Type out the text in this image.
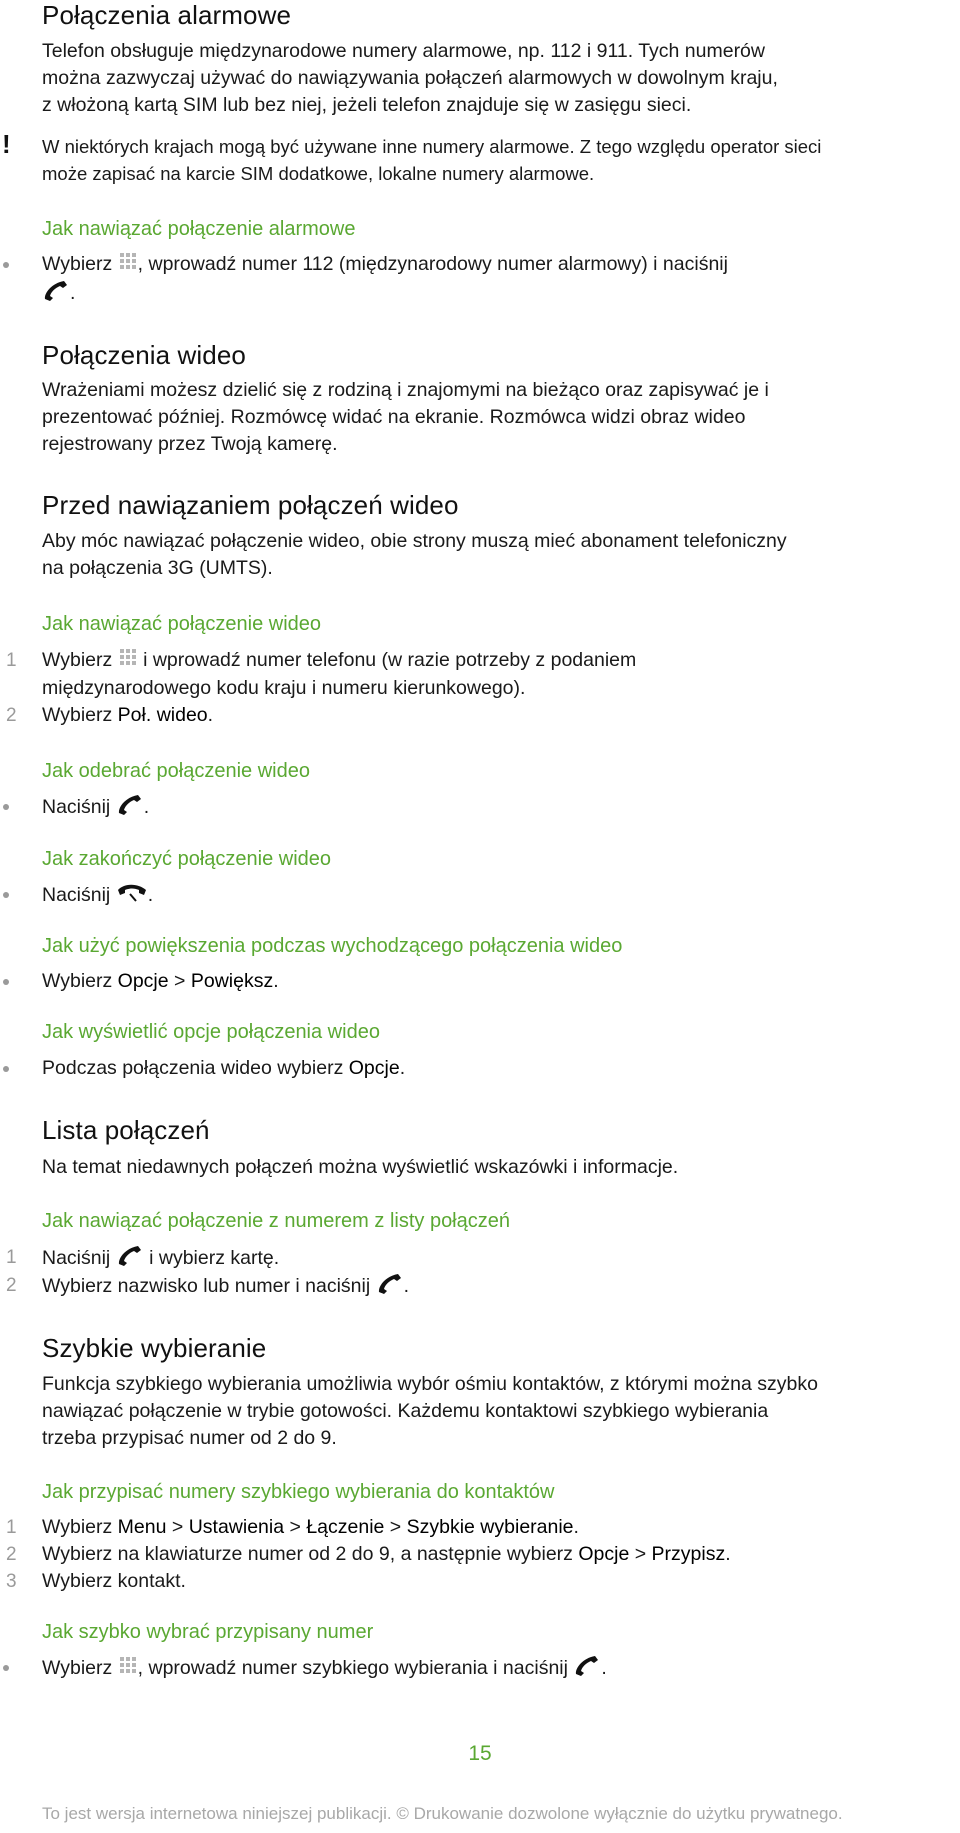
Połączenia alarmowe

Telefon obsługuje międzynarodowe numery alarmowe, np. 112 i 911. Tych numerów

można zazwyczaj używać do nawiązywania połączeń alarmowych w dowolnym kraju,

z włożoną kartą SIM lub bez niej, jeżeli telefon znajduje się w zasięgu sieci.

! W niektórych krajach mogą być używane inne numery alarmowe. Z tego względu operator sieci

może zapisać na karcie SIM dodatkowe, lokalne numery alarmowe.

Jak nawiązać połączenie alarmowe

Wybierz , wprowadź numer 112 (międzynarodowy numer alarmowy) i naciśnij
.
Połączenia wideo

Wrażeniami możesz dzielić się z rodziną i znajomymi na bieżąco oraz zapisywać je i

prezentować później. Rozmówcę widać na ekranie. Rozmówca widzi obraz wideo

rejestrowany przez Twoją kamerę.

Przed nawiązaniem połączeń wideo

Aby móc nawiązać połączenie wideo, obie strony muszą mieć abonament telefoniczny

na połączenia 3G (UMTS).

Jak nawiązać połączenie wideo

1	Wybierz  i wprowadź numer telefonu (w razie potrzeby z podaniem
międzynarodowego kodu kraju i numeru kierunkowego).
2	Wybierz Poł. wideo.

Jak odebrać połączenie wideo

Naciśnij .

Jak zakończyć połączenie wideo

Naciśnij .

Jak użyć powiększenia podczas wychodzącego połączenia wideo

Wybierz Opcje > Powiększ.

Jak wyświetlić opcje połączenia wideo

Podczas połączenia wideo wybierz Opcje.
Lista połączeń

Na temat niedawnych połączeń można wyświetlić wskazówki i informacje.

Jak nawiązać połączenie z numerem z listy połączeń

1	Naciśnij  i wybierz kartę.
2	Wybierz nazwisko lub numer i naciśnij .
Szybkie wybieranie

Funkcja szybkiego wybierania umożliwia wybór ośmiu kontaktów, z którymi można szybko

nawiązać połączenie w trybie gotowości. Każdemu kontaktowi szybkiego wybierania

trzeba przypisać numer od 2 do 9.

Jak przypisać numery szybkiego wybierania do kontaktów

1	Wybierz Menu > Ustawienia > Łączenie > Szybkie wybieranie.
2	Wybierz na klawiaturze numer od 2 do 9, a następnie wybierz Opcje > Przypisz.
3	Wybierz kontakt.

Jak szybko wybrać przypisany numer

Wybierz , wprowadź numer szybkiego wybierania i naciśnij .
15
To jest wersja internetowa niniejszej publikacji. © Drukowanie dozwolone wyłącznie do użytku prywatnego.
